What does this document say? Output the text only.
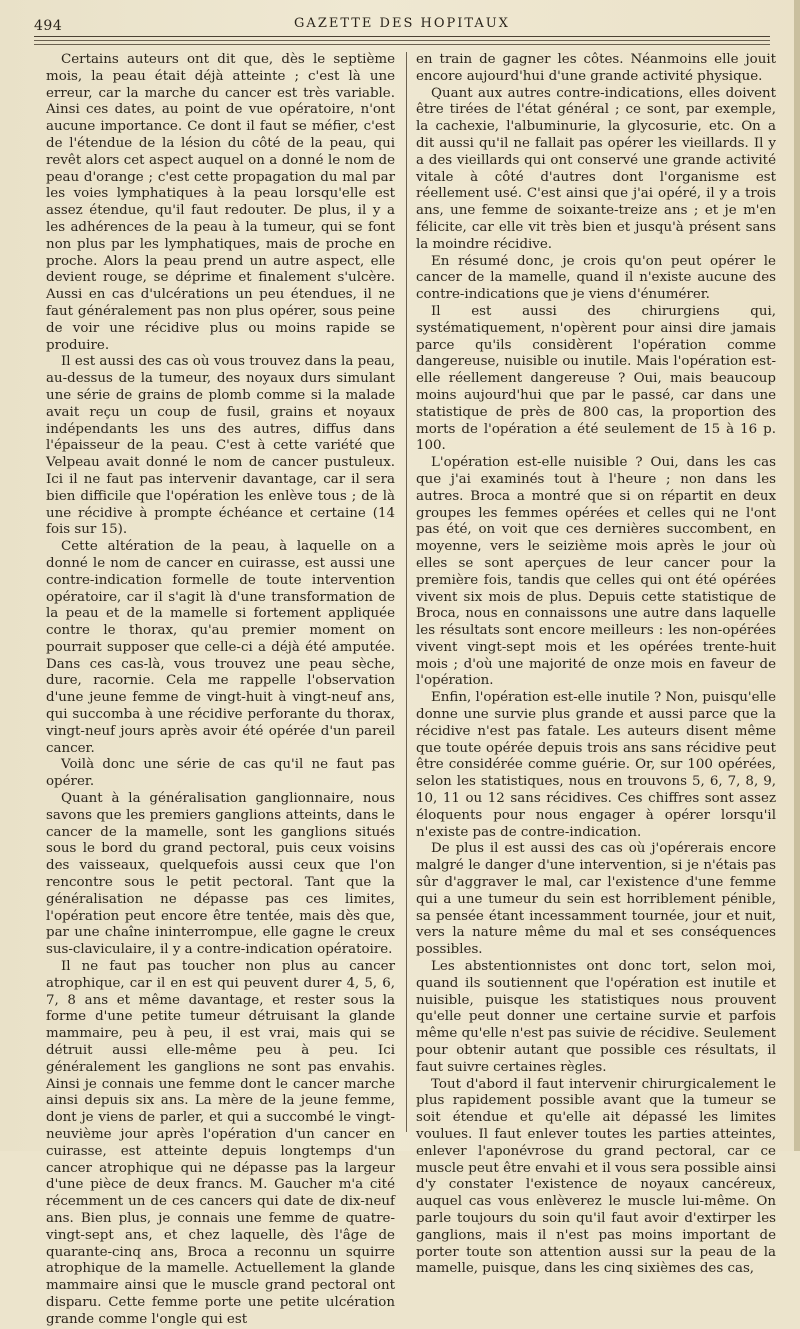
494	GAZETTE DES HOPITAUX

Certains auteurs ont dit que, dès le septième mois, la peau était déjà atteinte ; c'est là une erreur, car la marche du cancer est très variable. Ainsi ces dates, au point de vue opératoire, n'ont aucune importance. Ce dont il faut se méfier, c'est de l'étendue de la lésion du côté de la peau, qui revêt alors cet aspect auquel on a donné le nom de peau d'orange ; c'est cette propagation du mal par les voies lymphatiques à la peau lorsqu'elle est assez étendue, qu'il faut redouter. De plus, il y a les adhérences de la peau à la tumeur, qui se font non plus par les lymphatiques, mais de proche en proche. Alors la peau prend un autre aspect, elle devient rouge, se déprime et finalement s'ulcère. Aussi en cas d'ulcérations un peu étendues, il ne faut généralement pas non plus opérer, sous peine de voir une récidive plus ou moins rapide se produire.

Il est aussi des cas où vous trouvez dans la peau, au-dessus de la tumeur, des noyaux durs simulant une série de grains de plomb comme si la malade avait reçu un coup de fusil, grains et noyaux indépendants les uns des autres, diffus dans l'épaisseur de la peau. C'est à cette variété que Velpeau avait donné le nom de cancer pustuleux. Ici il ne faut pas intervenir davantage, car il sera bien difficile que l'opération les enlève tous ; de là une récidive à prompte échéance et certaine (14 fois sur 15).

Cette altération de la peau, à laquelle on a donné le nom de cancer en cuirasse, est aussi une contre-indication formelle de toute intervention opératoire, car il s'agit là d'une transformation de la peau et de la mamelle si fortement appliquée contre le thorax, qu'au premier moment on pourrait supposer que celle-ci a déjà été amputée. Dans ces cas-là, vous trouvez une peau sèche, dure, racornie. Cela me rappelle l'observation d'une jeune femme de vingt-huit à vingt-neuf ans, qui succomba à une récidive perforante du thorax, vingt-neuf jours après avoir été opérée d'un pareil cancer.

Voilà donc une série de cas qu'il ne faut pas opérer.

Quant à la généralisation ganglionnaire, nous savons que les premiers ganglions atteints, dans le cancer de la mamelle, sont les ganglions situés sous le bord du grand pectoral, puis ceux voisins des vaisseaux, quelquefois aussi ceux que l'on rencontre sous le petit pectoral. Tant que la généralisation ne dépasse pas ces limites, l'opération peut encore être tentée, mais dès que, par une chaîne ininterrompue, elle gagne le creux sus-claviculaire, il y a contre-indication opératoire.

Il ne faut pas toucher non plus au cancer atrophique, car il en est qui peuvent durer 4, 5, 6, 7, 8 ans et même davantage, et rester sous la forme d'une petite tumeur détruisant la glande mammaire, peu à peu, il est vrai, mais qui se détruit aussi elle-même peu à peu. Ici généralement les ganglions ne sont pas envahis. Ainsi je connais une femme dont le cancer marche ainsi depuis six ans. La mère de la jeune femme, dont je viens de parler, et qui a succombé le vingt-neuvième jour après l'opération d'un cancer en cuirasse, est atteinte depuis longtemps d'un cancer atrophique qui ne dépasse pas la largeur d'une pièce de deux francs. M. Gaucher m'a cité récemment un de ces cancers qui date de dix-neuf ans. Bien plus, je connais une femme de quatre-vingt-sept ans, et chez laquelle, dès l'âge de quarante-cinq ans, Broca a reconnu un squirre atrophique de la mamelle. Actuellement la glande mammaire ainsi que le muscle grand pectoral ont disparu. Cette femme porte une petite ulcération grande comme l'ongle qui est

en train de gagner les côtes. Néanmoins elle jouit encore aujourd'hui d'une grande activité physique.

Quant aux autres contre-indications, elles doivent être tirées de l'état général ; ce sont, par exemple, la cachexie, l'albuminurie, la glycosurie, etc. On a dit aussi qu'il ne fallait pas opérer les vieillards. Il y a des vieillards qui ont conservé une grande activité vitale à côté d'autres dont l'organisme est réellement usé. C'est ainsi que j'ai opéré, il y a trois ans, une femme de soixante-treize ans ; et je m'en félicite, car elle vit très bien et jusqu'à présent sans la moindre récidive.

En résumé donc, je crois qu'on peut opérer le cancer de la mamelle, quand il n'existe aucune des contre-indications que je viens d'énumérer.

Il est aussi des chirurgiens qui, systématiquement, n'opèrent pour ainsi dire jamais parce qu'ils considèrent l'opération comme dangereuse, nuisible ou inutile. Mais l'opération est-elle réellement dangereuse ? Oui, mais beaucoup moins aujourd'hui que par le passé, car dans une statistique de près de 800 cas, la proportion des morts de l'opération a été seulement de 15 à 16 p. 100.

L'opération est-elle nuisible ? Oui, dans les cas que j'ai examinés tout à l'heure ; non dans les autres. Broca a montré que si on répartit en deux groupes les femmes opérées et celles qui ne l'ont pas été, on voit que ces dernières succombent, en moyenne, vers le seizième mois après le jour où elles se sont aperçues de leur cancer pour la première fois, tandis que celles qui ont été opérées vivent six mois de plus. Depuis cette statistique de Broca, nous en connaissons une autre dans laquelle les résultats sont encore meilleurs : les non-opérées vivent vingt-sept mois et les opérées trente-huit mois ; d'où une majorité de onze mois en faveur de l'opération.

Enfin, l'opération est-elle inutile ? Non, puisqu'elle donne une survie plus grande et aussi parce que la récidive n'est pas fatale. Les auteurs disent même que toute opérée depuis trois ans sans récidive peut être considérée comme guérie. Or, sur 100 opérées, selon les statistiques, nous en trouvons 5, 6, 7, 8, 9, 10, 11 ou 12 sans récidives. Ces chiffres sont assez éloquents pour nous engager à opérer lorsqu'il n'existe pas de contre-indication.

De plus il est aussi des cas où j'opérerais encore malgré le danger d'une intervention, si je n'étais pas sûr d'aggraver le mal, car l'existence d'une femme qui a une tumeur du sein est horriblement pénible, sa pensée étant incessamment tournée, jour et nuit, vers la nature même du mal et ses conséquences possibles.

Les abstentionnistes ont donc tort, selon moi, quand ils soutiennent que l'opération est inutile et nuisible, puisque les statistiques nous prouvent qu'elle peut donner une certaine survie et parfois même qu'elle n'est pas suivie de récidive. Seulement pour obtenir autant que possible ces résultats, il faut suivre certaines règles.

Tout d'abord il faut intervenir chirurgicalement le plus rapidement possible avant que la tumeur se soit étendue et qu'elle ait dépassé les limites voulues. Il faut enlever toutes les parties atteintes, enlever l'aponévrose du grand pectoral, car ce muscle peut être envahi et il vous sera possible ainsi d'y constater l'existence de noyaux cancéreux, auquel cas vous enlèverez le muscle lui-même. On parle toujours du soin qu'il faut avoir d'extirper les ganglions, mais il n'est pas moins important de porter toute son attention aussi sur la peau de la mamelle, puisque, dans les cinq sixièmes des cas,
